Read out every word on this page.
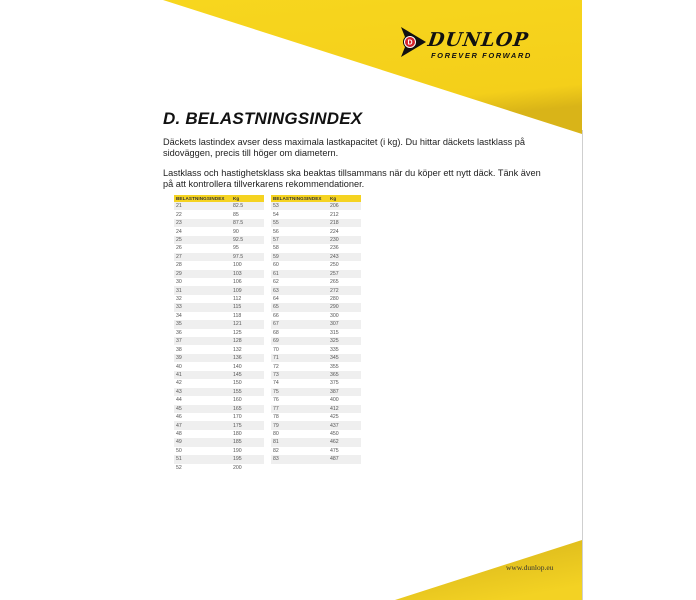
D DUNLOP
FOREVER FORWARD
D. BELASTNINGSINDEX
Däckets lastindex avser dess maximala lastkapacitet (i kg). Du hittar däckets lastklass på sidoväggen, precis till höger om diametern.
Lastklass och hastighetsklass ska beaktas tillsammans när du köper ett nytt däck. Tänk även på att kontrollera tillverkarens rekommendationer.
BELASTNINGSINDEX	Kg
21	82.5
22	85
23	87.5
24	90
25	92.5
26	95
27	97.5
28	100
29	103
30	106
31	109
32	112
33	115
34	118
35	121
36	125
37	128
38	132
39	136
40	140
41	145
42	150
43	155
44	160
45	165
46	170
47	175
48	180
49	185
50	190
51	195
52	200
BELASTNINGSINDEX	Kg
53	206
54	212
55	218
56	224
57	230
58	236
59	243
60	250
61	257
62	265
63	272
64	280
65	290
66	300
67	307
68	315
69	325
70	335
71	345
72	355
73	365
74	375
75	387
76	400
77	412
78	425
79	437
80	450
81	462
82	475
83	487
www.dunlop.eu
